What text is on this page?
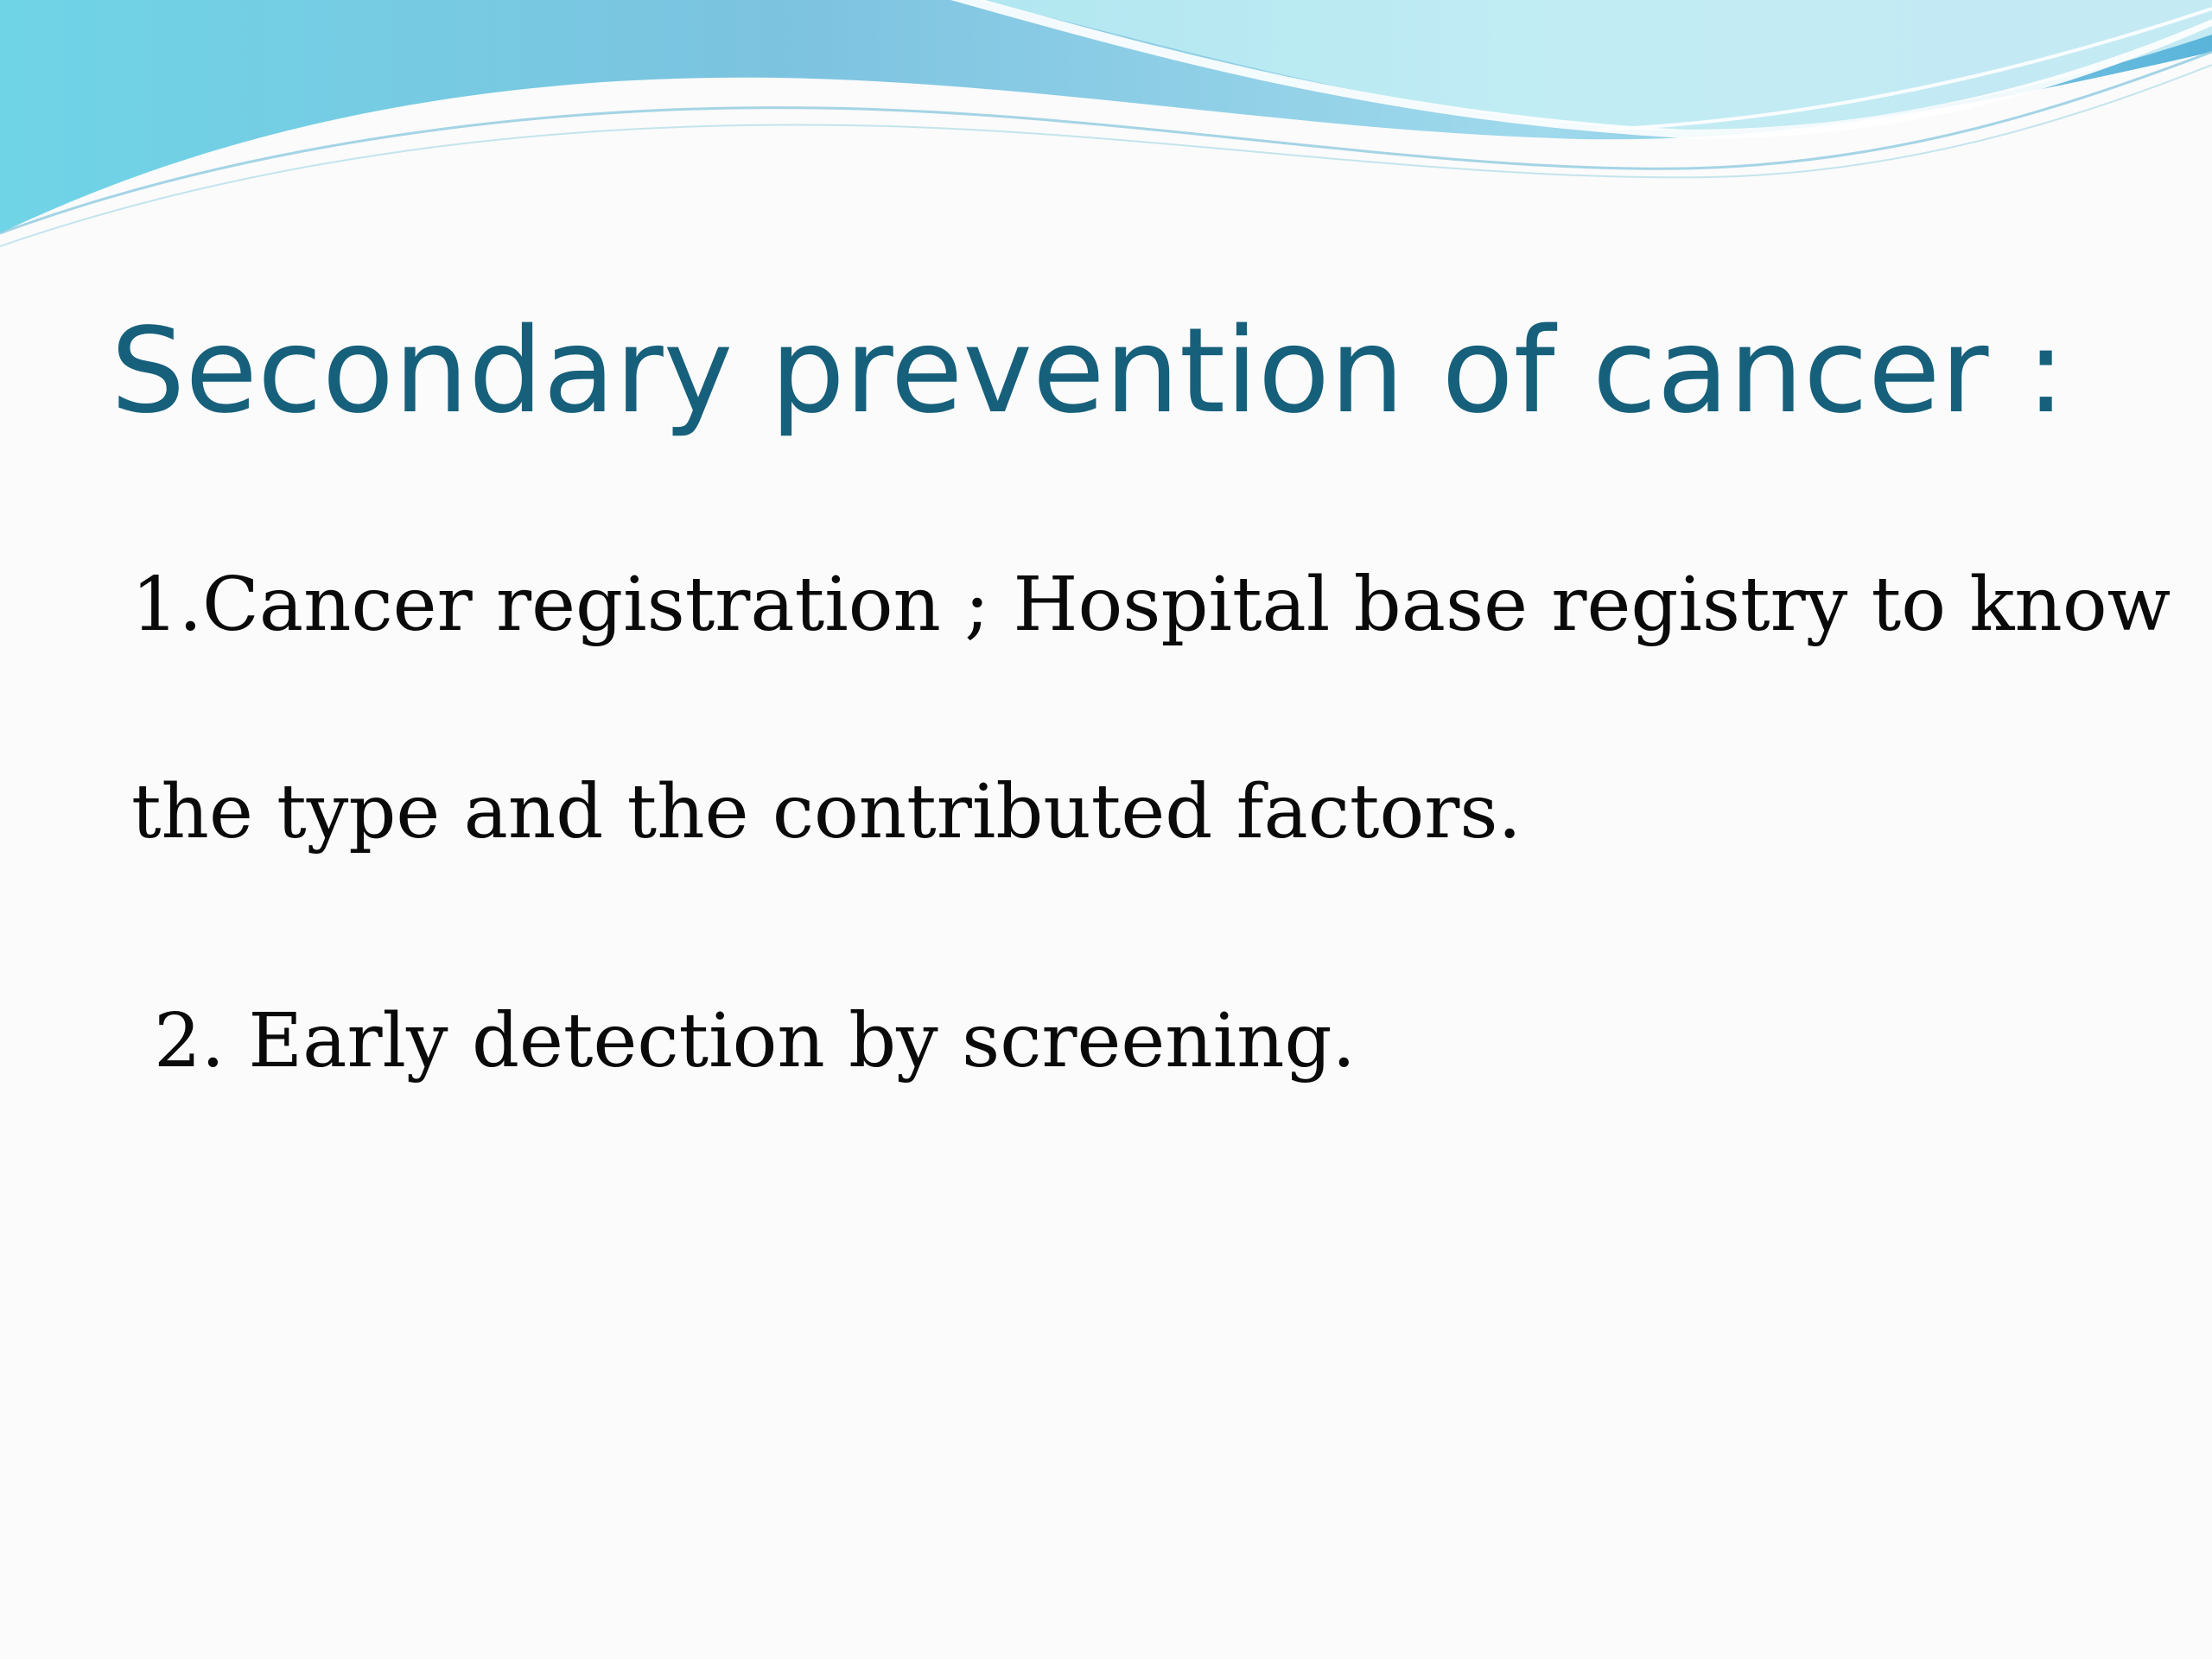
Secondary prevention of cancer :

1.Cancer registration ; Hospital base registry to know

the type and the contributed factors.

2. Early detection by screening.
